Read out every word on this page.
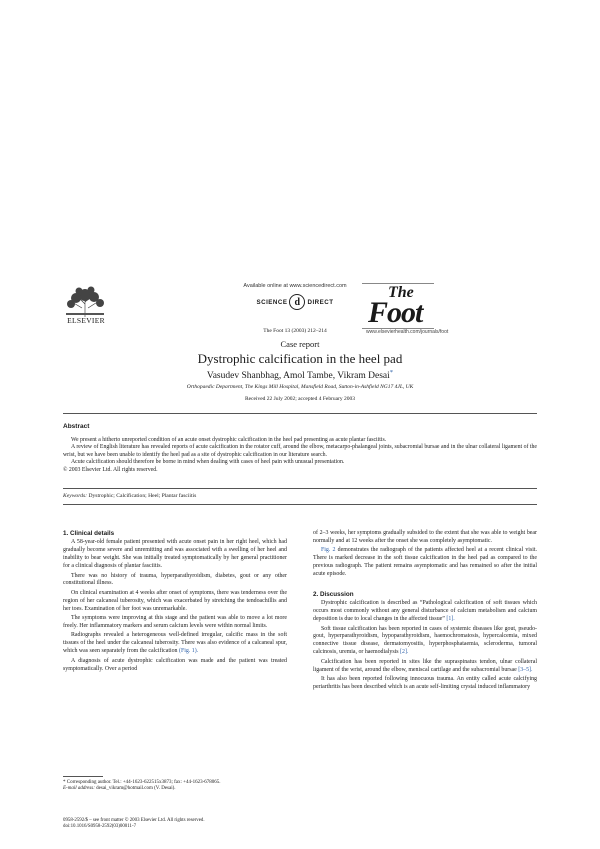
ELSEVIER
Available online at www.sciencedirect.com
SCIENCE d	DIRECT
The Foot 13 (2003) 212–214
The
Foot
www.elsevierhealth.com/journals/foot
Case report
Dystrophic calcification in the heel pad
Vasudev Shanbhag, Amol Tambe, Vikram Desai*
Orthopaedic Department, The Kings Mill Hospital, Mansfield Road, Sutton-in-Ashfield NG17 4JL, UK
Received 22 July 2002; accepted 4 February 2003
Abstract

We present a hitherto unreported condition of an acute onset dystrophic calcification in the heel pad presenting as acute plantar fasciitis.

A review of English literature has revealed reports of acute calcification in the rotator cuff, around the elbow, metacarpo-phalangeal joints, subacromial bursae and in the ulnar collateral ligament of the wrist, but we have been unable to identify the heel pad as a site of dystrophic calcification in our literature search.

Acute calcification should therefore be borne in mind when dealing with cases of heel pain with unusual presentation.

© 2003 Elsevier Ltd. All rights reserved.

Keywords: Dystrophic; Calcification; Heel; Plantar fasciitis

1. Clinical details

A 58-year-old female patient presented with acute onset pain in her right heel, which had gradually become severe and unremitting and was associated with a swelling of her heel and inability to bear weight. She was initially treated symptomatically by her general practitioner for a clinical diagnosis of plantar fasciitis.

There was no history of trauma, hyperparathyroidism, diabetes, gout or any other constitutional illness.

On clinical examination at 4 weeks after onset of symptoms, there was tenderness over the region of her calcaneal tuberosity, which was exacerbated by stretching the tendoachillis and her toes. Examination of her foot was unremarkable.

The symptoms were improving at this stage and the patient was able to move a lot more freely. Her inflammatory markers and serum calcium levels were within normal limits.

Radiographs revealed a heterogeneous well-defined irregular, calcific mass in the soft tissues of the heel under the calcaneal tuberosity. There was also evidence of a calcaneal spur, which was seen separately from the calcification (Fig. 1).

A diagnosis of acute dystrophic calcification was made and the patient was treated symptomatically. Over a period

of 2–3 weeks, her symptoms gradually subsided to the extent that she was able to weight bear normally and at 12 weeks after the onset she was completely asymptomatic.

Fig. 2 demonstrates the radiograph of the patients affected heel at a recent clinical visit. There is marked decrease in the soft tissue calcification in the heel pad as compared to the previous radiograph. The patient remains asymptomatic and has remained so after the initial acute episode.

2. Discussion

Dystrophic calcification is described as “Pathological calcification of soft tissues which occurs most commonly without any general disturbance of calcium metabolism and calcium deposition is due to local changes in the affected tissue” [1].

Soft tissue calcification has been reported in cases of systemic diseases like gout, pseudo-gout, hyperparathyroidism, hypoparathyroidism, haemochromatosis, hypercalcemia, mixed connective tissue disease, dermatomyositis, hyperphosphataemia, scleroderma, tumoral calcinosis, uremia, or haemodialysis [2].

Calcification has been reported in sites like the supraspinatus tendon, ulnar collateral ligament of the wrist, around the elbow, meniscal cartilage and the subacromial bursae [3–5].

It has also been reported following innocuous trauma. An entity called acute calcifying periarthritis has been described which is an acute self-limiting crystal induced inflammatory

* Corresponding author. Tel.: +44-1623-622515x3873; fax: +44-1623-678065.
E-mail address: desai_vikram@hotmail.com (V. Desai).
0958-2592/$ – see front matter © 2003 Elsevier Ltd. All rights reserved.
doi:10.1016/S0958-2592(03)00011-7
